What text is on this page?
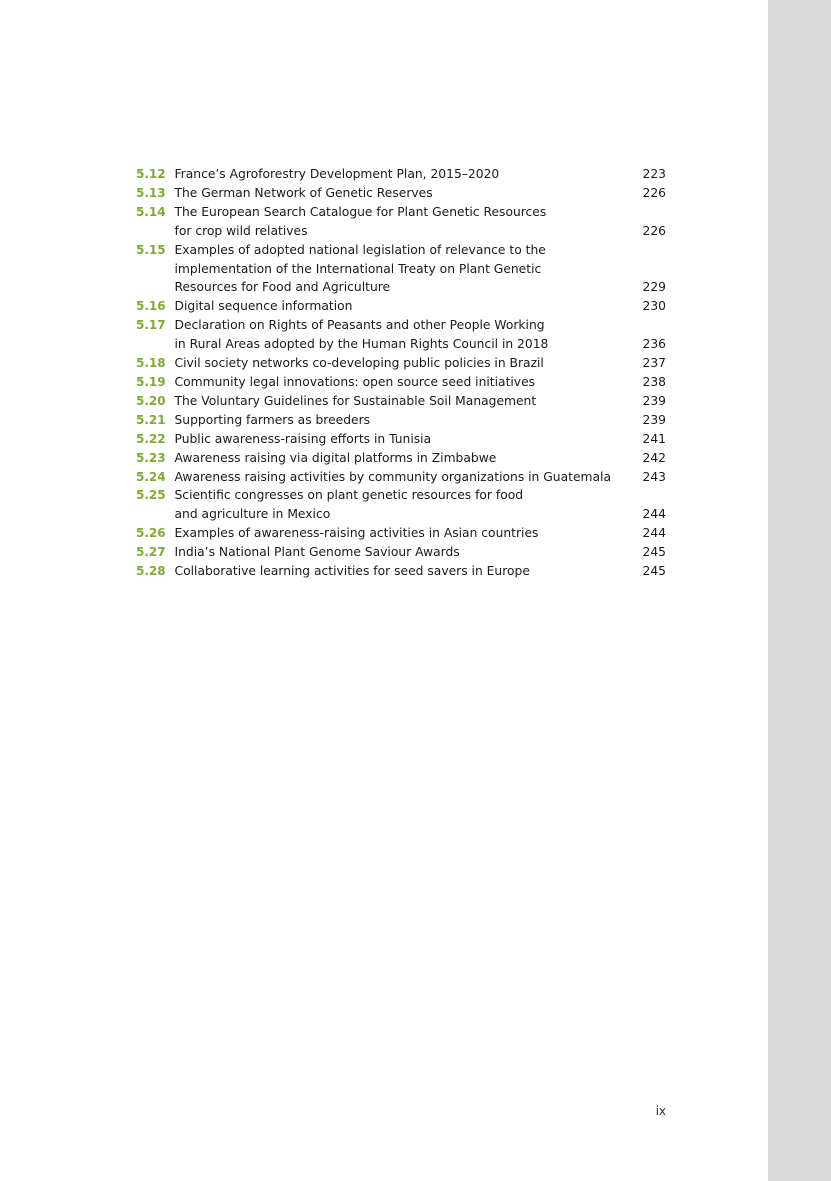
5.12 France’s Agroforestry Development Plan, 2015–2020	223
5.13 The German Network of Genetic Reserves	226
5.14 The European Search Catalogue for Plant Genetic Resources
for crop wild relatives	226
5.15 Examples of adopted national legislation of relevance to the
implementation of the International Treaty on Plant Genetic
Resources for Food and Agriculture	229
5.16 Digital sequence information	230
5.17 Declaration on Rights of Peasants and other People Working
in Rural Areas adopted by the Human Rights Council in 2018	236
5.18 Civil society networks co-developing public policies in Brazil	237
5.19 Community legal innovations: open source seed initiatives	238
5.20 The Voluntary Guidelines for Sustainable Soil Management	239
5.21 Supporting farmers as breeders	239
5.22 Public awareness-raising efforts in Tunisia	241
5.23 Awareness raising via digital platforms in Zimbabwe	242
5.24 Awareness raising activities by community organizations in Guatemala	243
5.25 Scientific congresses on plant genetic resources for food
and agriculture in Mexico	244
5.26 Examples of awareness-raising activities in Asian countries	244
5.27 India’s National Plant Genome Saviour Awards	245
5.28 Collaborative learning activities for seed savers in Europe	245
ix
